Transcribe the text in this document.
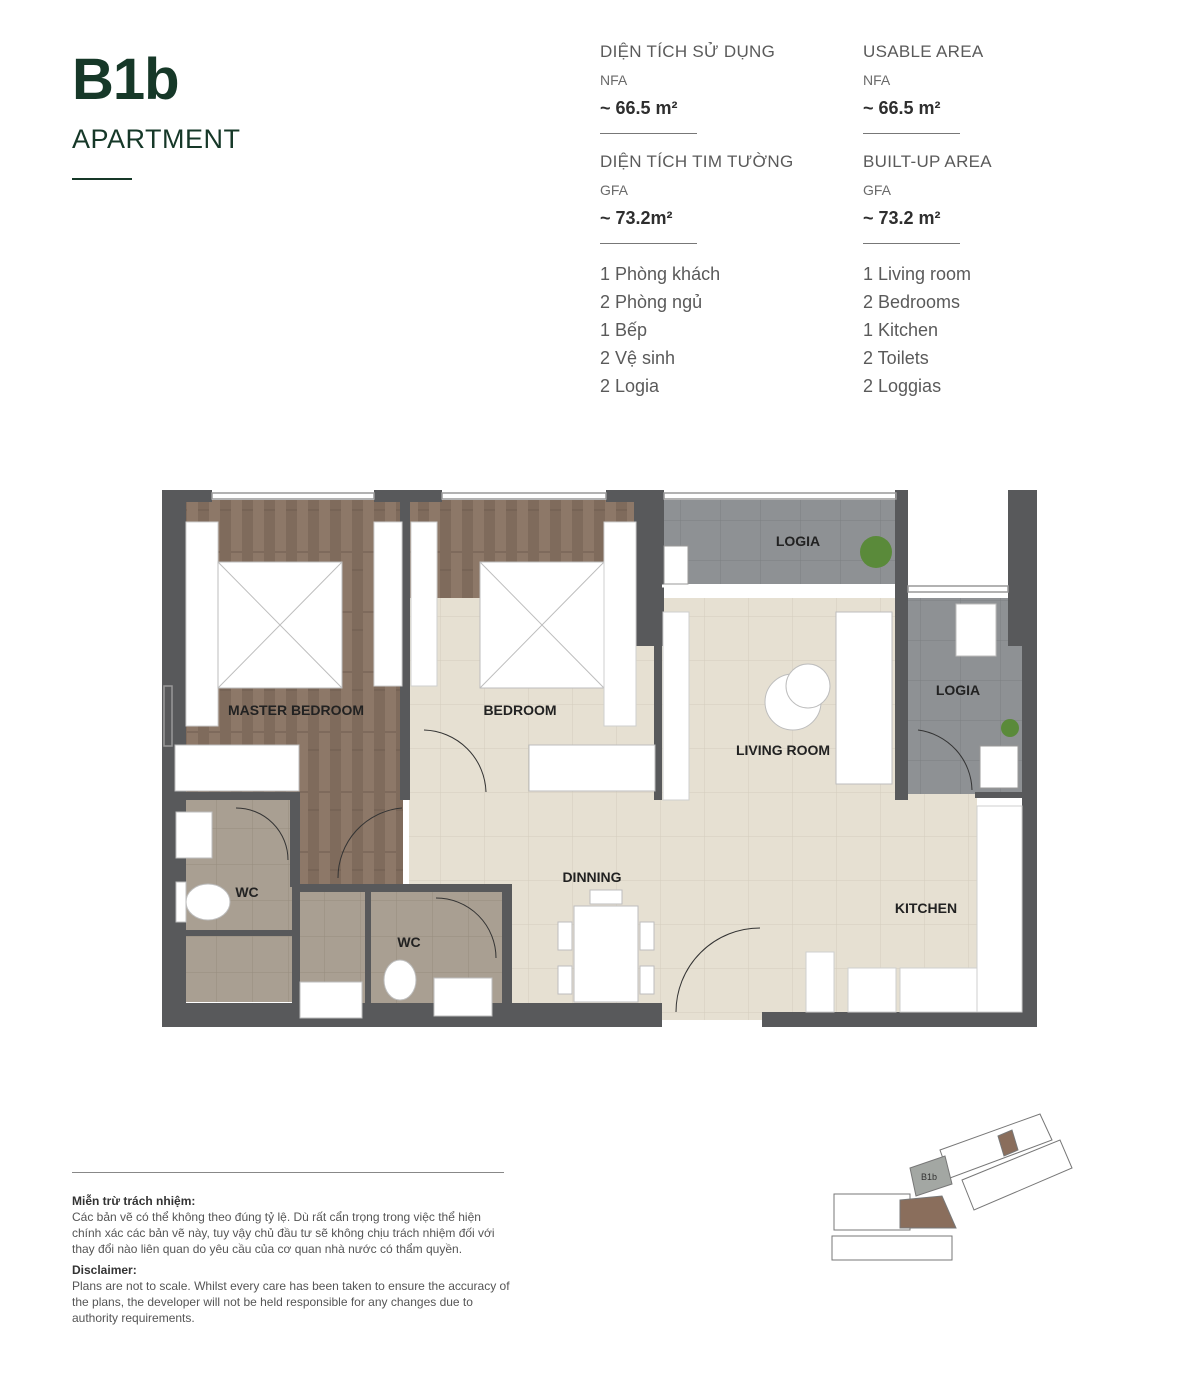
B1b
APARTMENT
DIỆN TÍCH SỬ DỤNG
NFA
~ 66.5 m²
DIỆN TÍCH TIM TƯỜNG
GFA
~ 73.2m²
1 Phòng khách
2 Phòng ngủ
1 Bếp
2 Vệ sinh
2 Logia
USABLE AREA
NFA
~ 66.5 m²
BUILT-UP AREA
GFA
~ 73.2 m²
1 Living room
2 Bedrooms
1 Kitchen
2 Toilets
2 Loggias
LOGIA
LOGIA
MASTER BEDROOM	BEDROOM
LIVING ROOM
DINNING
KITCHEN
WC
WC
B1b
Miễn trừ trách nhiệm:
Các bản vẽ có thể không theo đúng tỷ lệ. Dù rất cẩn trọng trong việc thể hiện chính xác các bản vẽ này, tuy vậy chủ đầu tư sẽ không chịu trách nhiệm đối với thay đổi nào liên quan do yêu cầu của cơ quan nhà nước có thẩm quyền.
Disclaimer:
Plans are not to scale. Whilst every care has been taken to ensure the accuracy of the plans, the developer will not be held responsible for any changes due to authority requirements.
